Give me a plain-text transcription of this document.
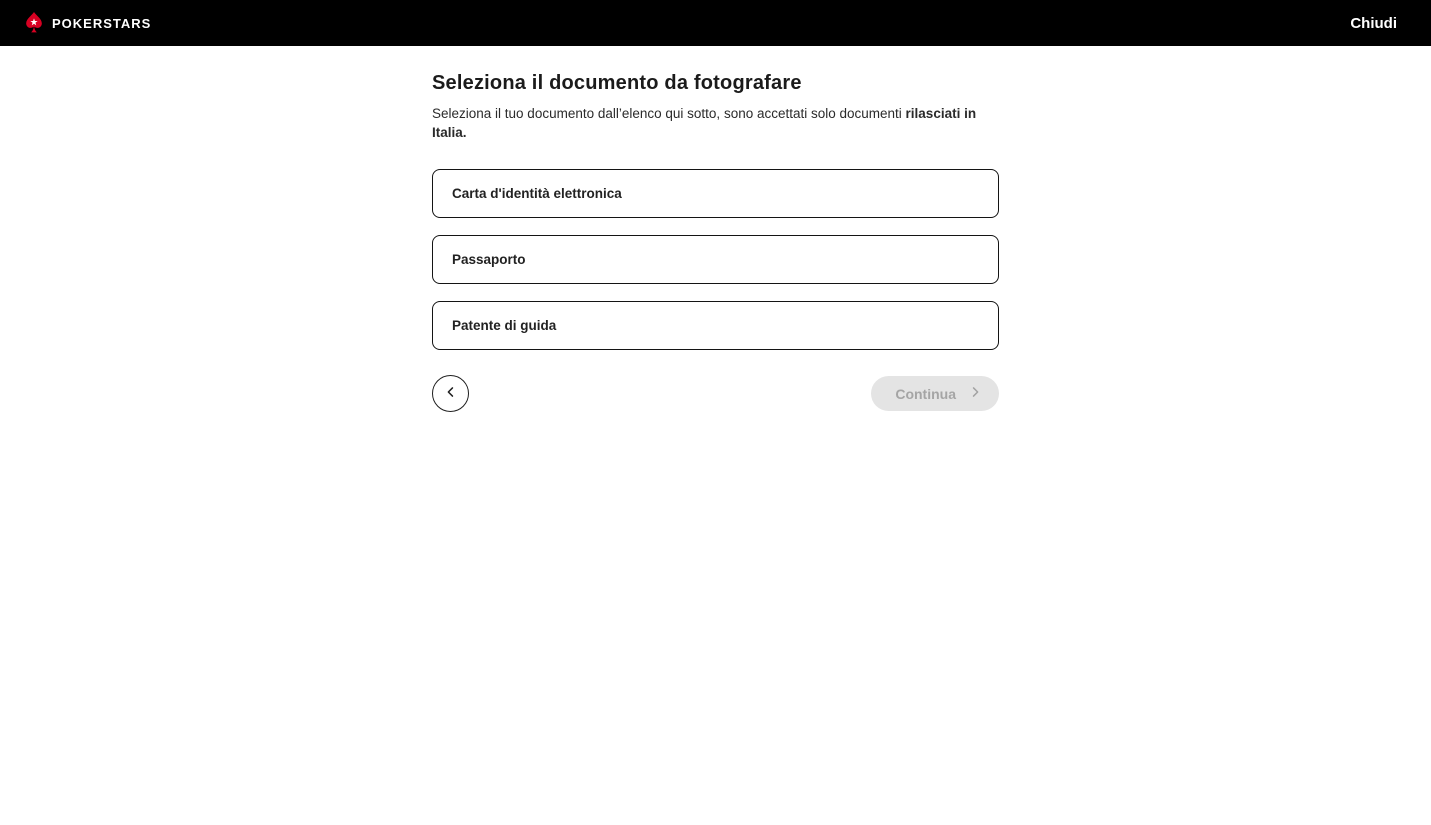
POKERSTARS	Chiudi
Seleziona il documento da fotografare

Seleziona il tuo documento dall’elenco qui sotto, sono accettati solo documenti rilasciati in Italia.

Carta d'identità elettronica
Passaporto
Patente di guida
Continua
